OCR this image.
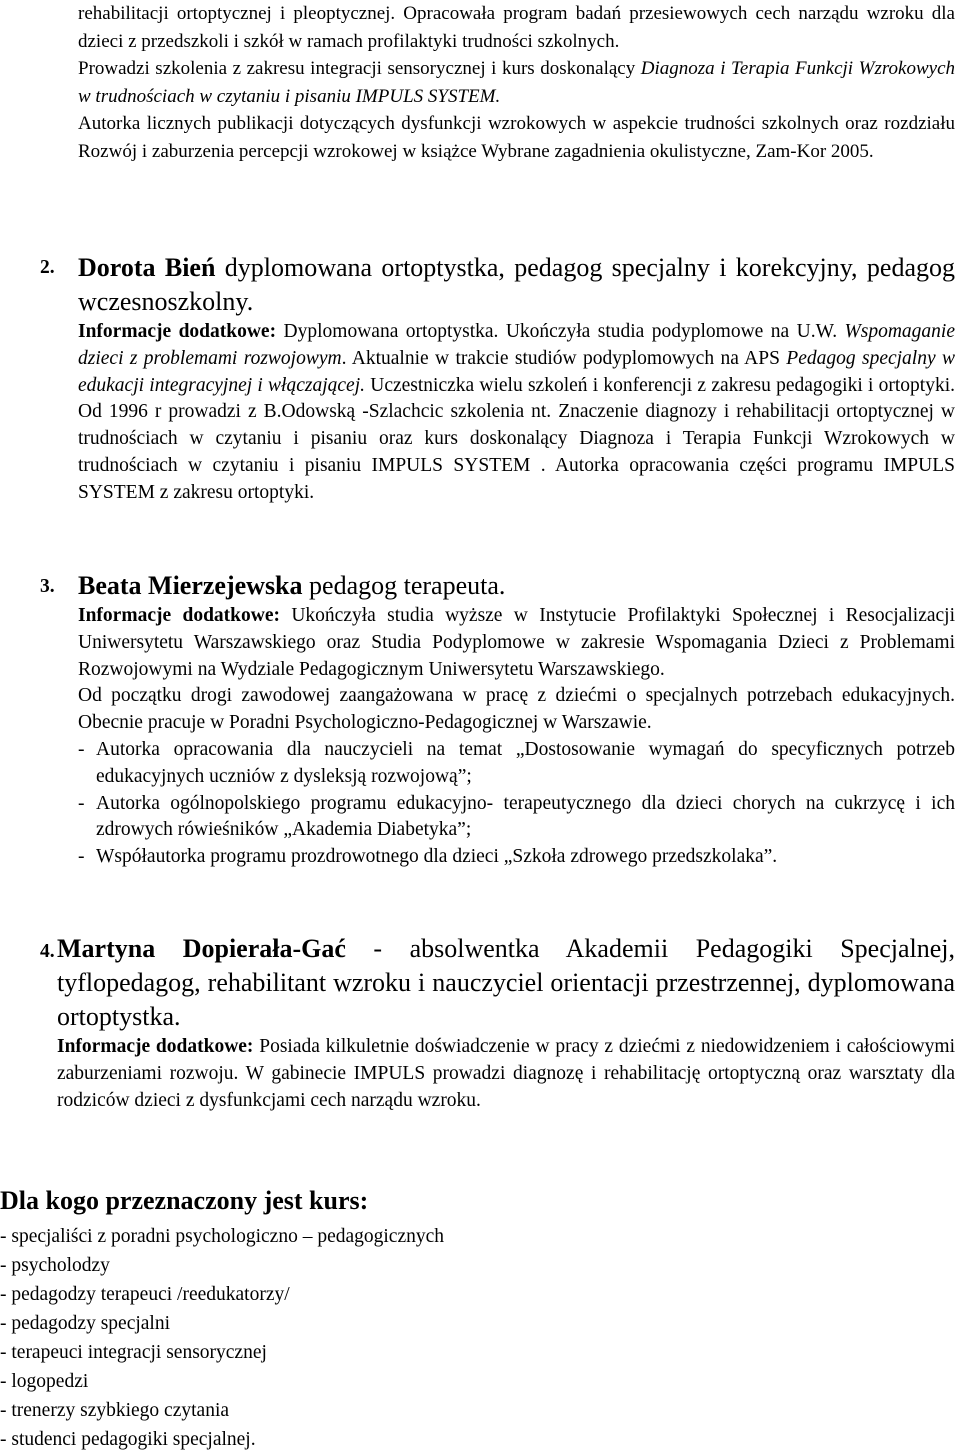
rehabilitacji ortoptycznej i pleoptycznej. Opracowała program badań przesiewowych cech narządu wzroku dla dzieci z przedszkoli i szkół w ramach profilaktyki trudności szkolnych.

Prowadzi szkolenia z zakresu integracji sensorycznej i kurs doskonalący Diagnoza i Terapia Funkcji Wzrokowych w trudnościach w czytaniu i pisaniu IMPULS SYSTEM.

Autorka licznych publikacji dotyczących dysfunkcji wzrokowych w aspekcie trudności szkolnych oraz rozdziału Rozwój i zaburzenia percepcji wzrokowej w książce Wybrane zagadnienia okulistyczne, Zam-Kor 2005.

2. Dorota Bień dyplomowana ortoptystka, pedagog specjalny i korekcyjny, pedagog wczesnoszkolny.

Informacje dodatkowe: Dyplomowana ortoptystka. Ukończyła studia podyplomowe na U.W. Wspomaganie dzieci z problemami rozwojowym. Aktualnie w trakcie studiów podyplomowych na APS Pedagog specjalny w edukacji integracyjnej i włączającej. Uczestniczka wielu szkoleń i konferencji z zakresu pedagogiki i ortoptyki. Od 1996 r prowadzi z B.Odowską -Szlachcic szkolenia nt. Znaczenie diagnozy i rehabilitacji ortoptycznej w trudnościach w czytaniu i pisaniu oraz kurs doskonalący Diagnoza i Terapia Funkcji Wzrokowych w trudnościach w czytaniu i pisaniu IMPULS SYSTEM . Autorka opracowania części programu IMPULS SYSTEM z zakresu ortoptyki.

3. Beata Mierzejewska pedagog terapeuta.

Informacje dodatkowe: Ukończyła studia wyższe w Instytucie Profilaktyki Społecznej i Resocjalizacji Uniwersytetu Warszawskiego oraz Studia Podyplomowe w zakresie Wspomagania Dzieci z Problemami Rozwojowymi na Wydziale Pedagogicznym Uniwersytetu Warszawskiego.

Od początku drogi zawodowej zaangażowana w pracę z dziećmi o specjalnych potrzebach edukacyjnych. Obecnie pracuje w Poradni Psychologiczno-Pedagogicznej w Warszawie.

- Autorka opracowania dla nauczycieli na temat „Dostosowanie wymagań do specyficznych potrzeb edukacyjnych uczniów z dysleksją rozwojową”;
- Autorka ogólnopolskiego programu edukacyjno- terapeutycznego dla dzieci chorych na cukrzycę i ich zdrowych rówieśników „Akademia Diabetyka”;
- Współautorka programu prozdrowotnego dla dzieci „Szkoła zdrowego przedszkolaka”.
4. Martyna Dopierała-Gać - absolwentka Akademii Pedagogiki Specjalnej, tyflopedagog, rehabilitant wzroku i nauczyciel orientacji przestrzennej, dyplomowana ortoptystka.

Informacje dodatkowe: Posiada kilkuletnie doświadczenie w pracy z dziećmi z niedowidzeniem i całościowymi zaburzeniami rozwoju. W gabinecie IMPULS prowadzi diagnozę i rehabilitację ortoptyczną oraz warsztaty dla rodziców dzieci z dysfunkcjami cech narządu wzroku.

Dla kogo przeznaczony jest kurs:

- specjaliści z poradni psychologiczno – pedagogicznych
- psycholodzy
- pedagodzy terapeuci /reedukatorzy/
- pedagodzy specjalni
- terapeuci integracji sensorycznej
- logopedzi
- trenerzy szybkiego czytania
- studenci pedagogiki specjalnej.
